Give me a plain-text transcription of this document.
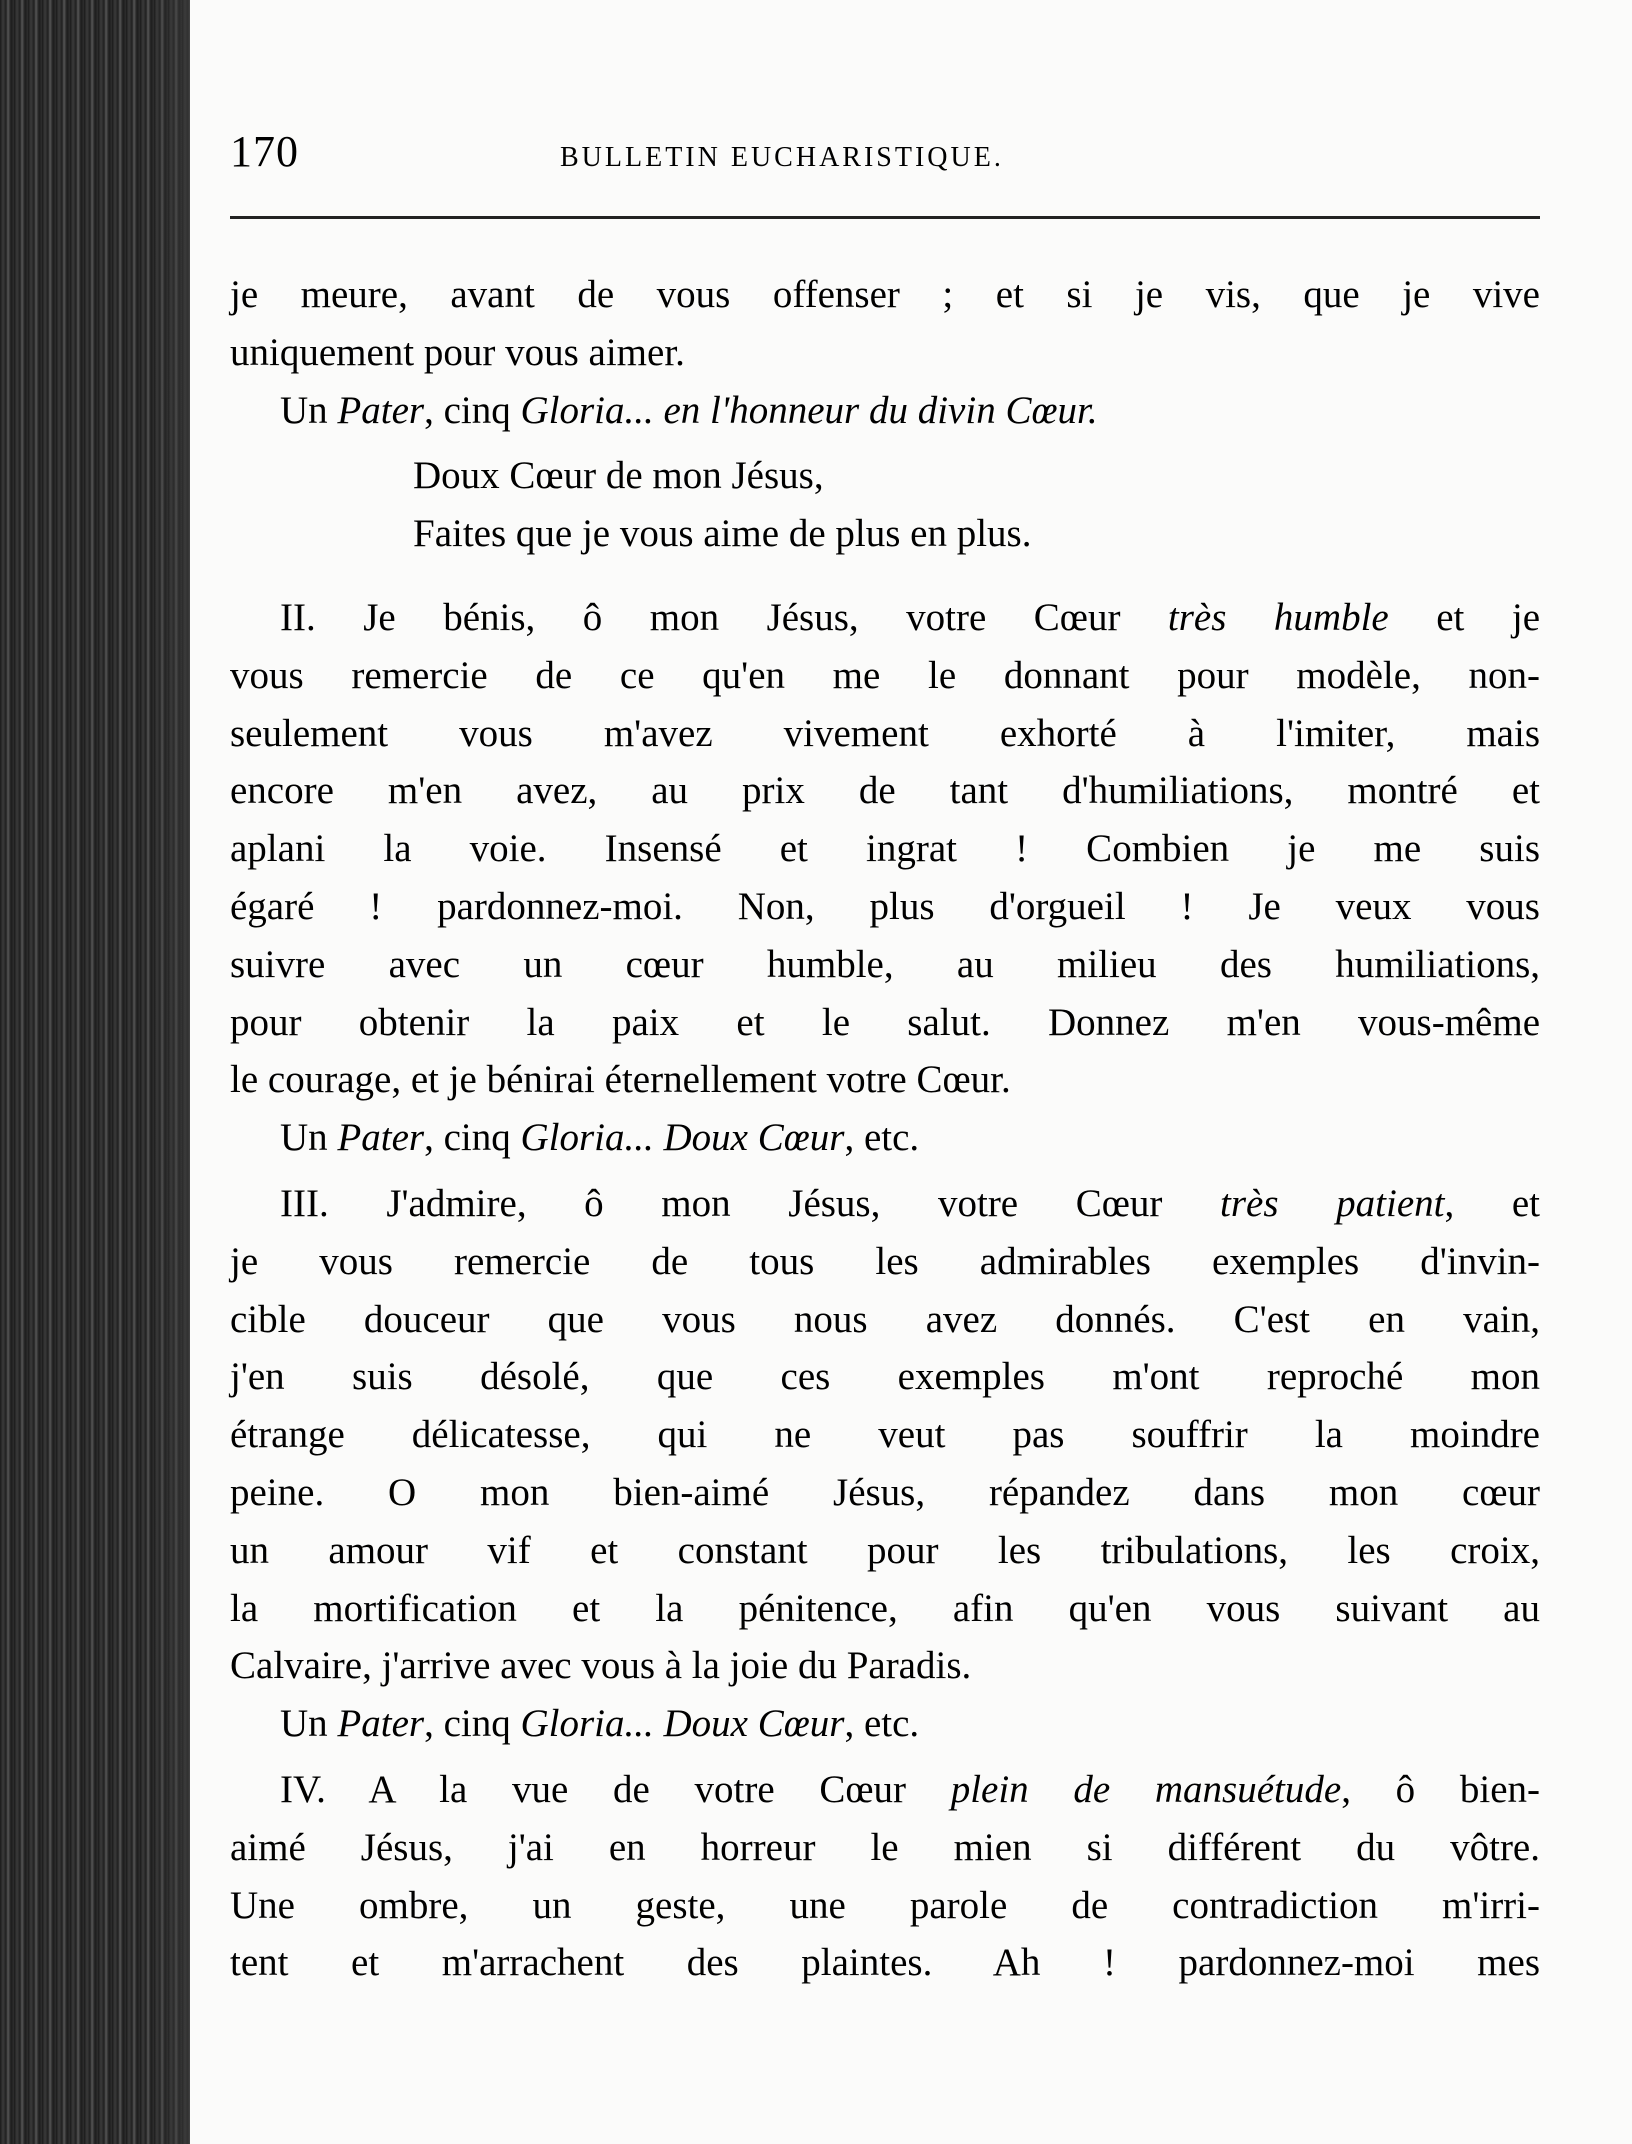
170	BULLETIN EUCHARISTIQUE.
je meure, avant de vous offenser ; et si je vis, que je vive
uniquement pour vous aimer.
Un Pater, cinq Gloria... en l'honneur du divin Cœur.
Doux Cœur de mon Jésus,
Faites que je vous aime de plus en plus.
II. Je bénis, ô mon Jésus, votre Cœur très humble et je
vous remercie de ce qu'en me le donnant pour modèle, non-
seulement vous m'avez vivement exhorté à l'imiter, mais
encore m'en avez, au prix de tant d'humiliations, montré et
aplani la voie. Insensé et ingrat ! Combien je me suis
égaré ! pardonnez-moi. Non, plus d'orgueil ! Je veux vous
suivre avec un cœur humble, au milieu des humiliations,
pour obtenir la paix et le salut. Donnez m'en vous-même
le courage, et je bénirai éternellement votre Cœur.
Un Pater, cinq Gloria... Doux Cœur, etc.
III. J'admire, ô mon Jésus, votre Cœur très patient, et
je vous remercie de tous les admirables exemples d'invin-
cible douceur que vous nous avez donnés. C'est en vain,
j'en suis désolé, que ces exemples m'ont reproché mon
étrange délicatesse, qui ne veut pas souffrir la moindre
peine. O mon bien-aimé Jésus, répandez dans mon cœur
un amour vif et constant pour les tribulations, les croix,
la mortification et la pénitence, afin qu'en vous suivant au
Calvaire, j'arrive avec vous à la joie du Paradis.
Un Pater, cinq Gloria... Doux Cœur, etc.
IV. A la vue de votre Cœur plein de mansuétude, ô bien-
aimé Jésus, j'ai en horreur le mien si différent du vôtre.
Une ombre, un geste, une parole de contradiction m'irri-
tent et m'arrachent des plaintes. Ah ! pardonnez-moi mes
